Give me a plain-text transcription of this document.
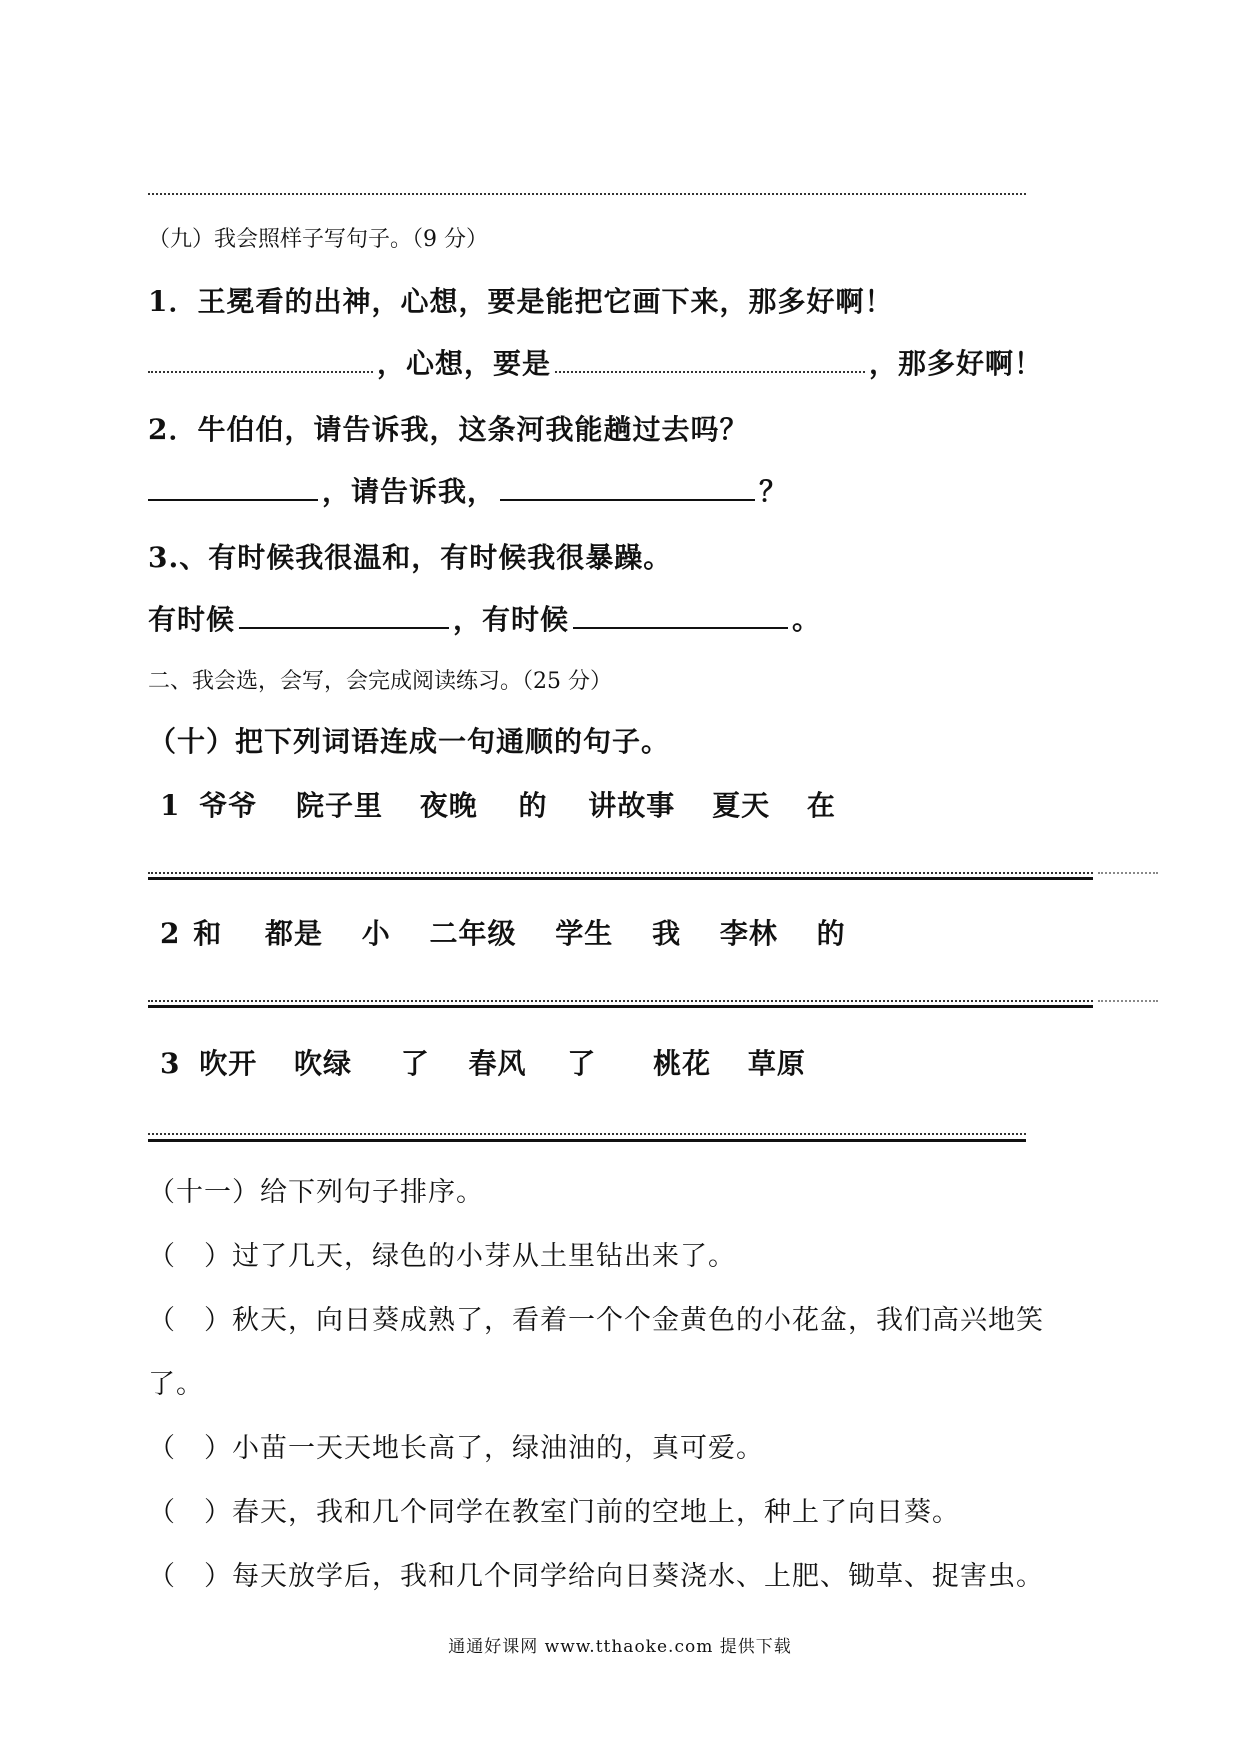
（九）我会照样子写句子。（9 分）
1．王冕看的出神，心想，要是能把它画下来，那多好啊！
，心想，要是	，那多好啊！
2．牛伯伯，请告诉我，这条河我能趟过去吗？
，请告诉我，	？
3.、有时候我很温和，有时候我很暴躁。
有时候	，有时候	。
二、我会选，会写，会完成阅读练习。（25 分）
（十）把下列词语连成一句通顺的句子。
1 爷爷 院子里 夜晚 的 讲故事 夏天 在
2 和 都是 小 二年级 学生 我 李林 的
3 吹开 吹绿 了 春风 了 桃花 草原
（十一）给下列句子排序。
（　）过了几天，绿色的小芽从土里钻出来了。
（　）秋天，向日葵成熟了，看着一个个金黄色的小花盆，我们高兴地笑
了。
（　）小苗一天天地长高了，绿油油的，真可爱。
（　）春天，我和几个同学在教室门前的空地上，种上了向日葵。
（　）每天放学后，我和几个同学给向日葵浇水、上肥、锄草、捉害虫。
通通好课网 www.tthaoke.com 提供下载
